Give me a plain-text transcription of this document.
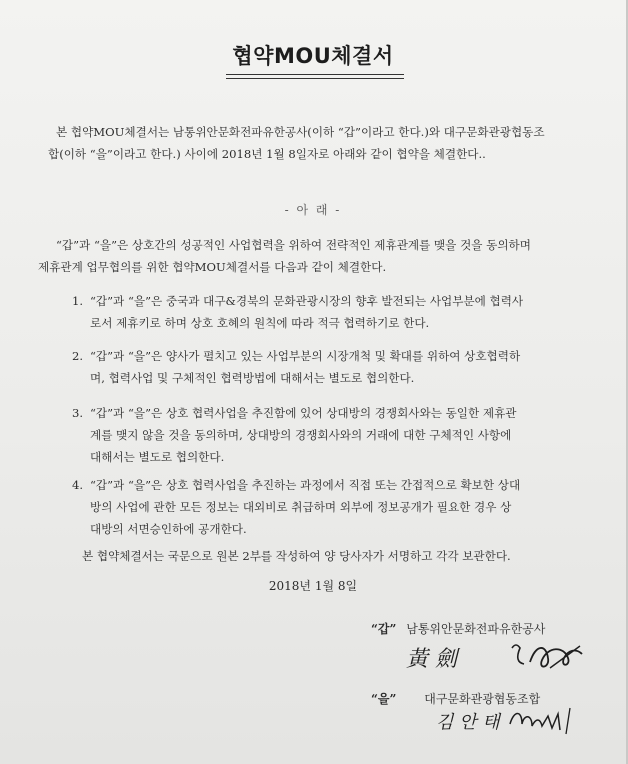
협약MOU체결서
본 협약MOU체결서는 남통위안문화전파유한공사(이하 “갑”이라고 한다.)와 대구문화관광협동조
합(이하 “을”이라고 한다.) 사이에 2018년 1월 8일자로 아래와 같이 협약을 체결한다..
- 아 래 -
“갑”과 “을”은 상호간의 성공적인 사업협력을 위하여 전략적인 제휴관계를 맺을 것을 동의하며
제휴관계 업무협의를 위한 협약MOU체결서를 다음과 같이 체결한다.
1. “갑”과 “을”은 중국과 대구&경북의 문화관광시장의 향후 발전되는 사업부분에 협력사
로서 제휴키로 하며 상호 호혜의 원칙에 따라 적극 협력하기로 한다.
2. “갑”과 “을”은 양사가 펼치고 있는 사업부분의 시장개척 및 확대를 위하여 상호협력하
며, 협력사업 및 구체적인 협력방법에 대해서는 별도로 협의한다.
3. “갑”과 “을”은 상호 협력사업을 추진함에 있어 상대방의 경쟁회사와는 동일한 제휴관
계를 맺지 않을 것을 동의하며, 상대방의 경쟁회사와의 거래에 대한 구체적인 사항에
대해서는 별도로 협의한다.
4. “갑”과 “을”은 상호 협력사업을 추진하는 과정에서 직접 또는 간접적으로 확보한 상대
방의 사업에 관한 모든 정보는 대외비로 취급하며 외부에 정보공개가 필요한 경우 상
대방의 서면승인하에 공개한다.
본 협약체결서는 국문으로 원본 2부를 작성하여 양 당사자가 서명하고 각각 보관한다.
2018년 1월 8일
“갑” 남통위안문화전파유한공사
黃 劍
“을” 대구문화관광협동조합
김 안 태
